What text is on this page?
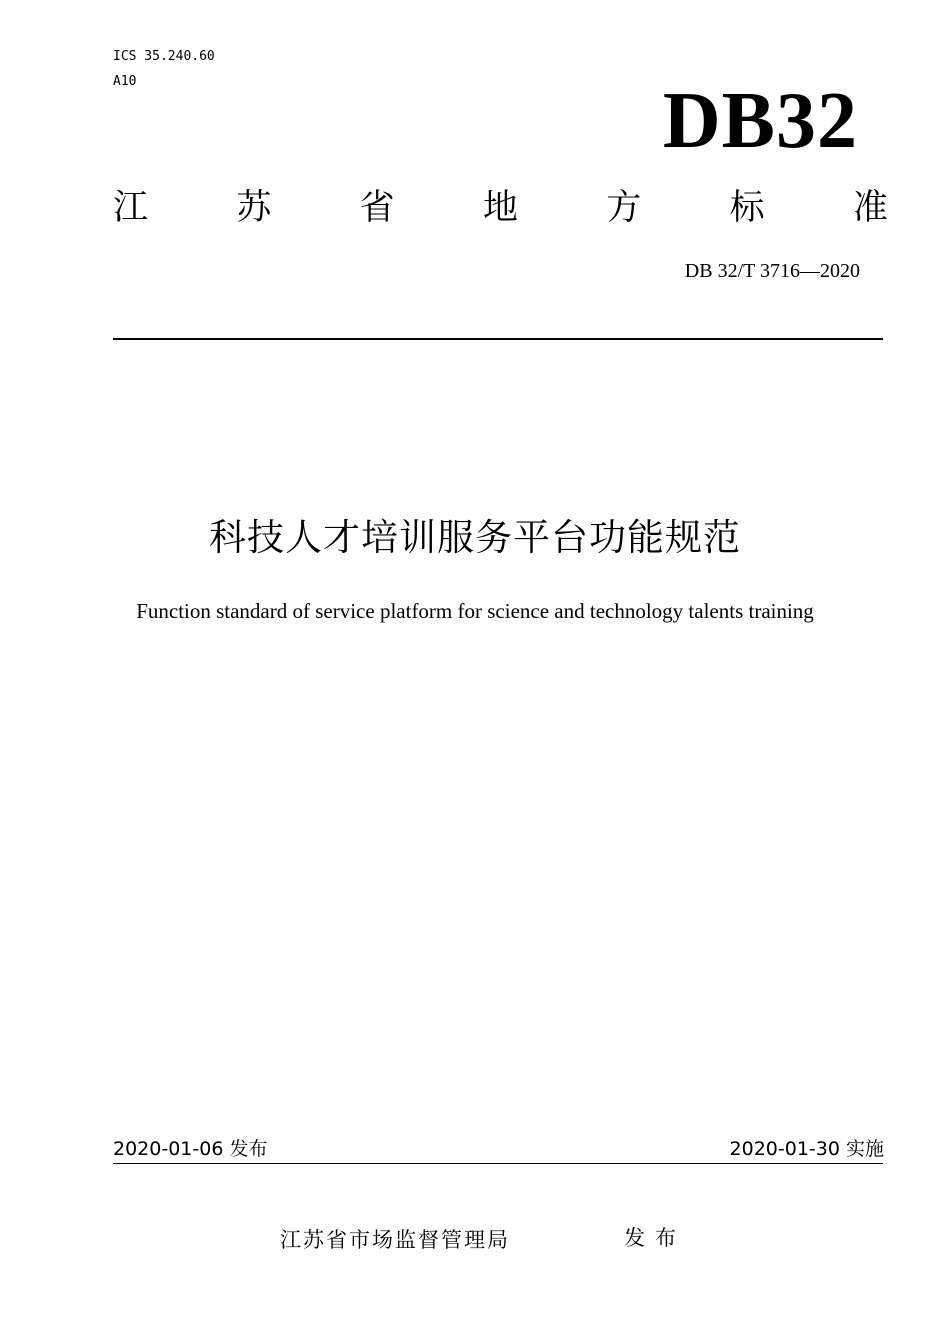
ICS 35.240.60
A10	DB32
江	苏	省	地	方	标	准
DB 32/T 3716—2020
科技人才培训服务平台功能规范
Function standard of service platform for science and technology talents training
2020-01-06 发布	2020-01-30 实施
江苏省市场监督管理局	发布
